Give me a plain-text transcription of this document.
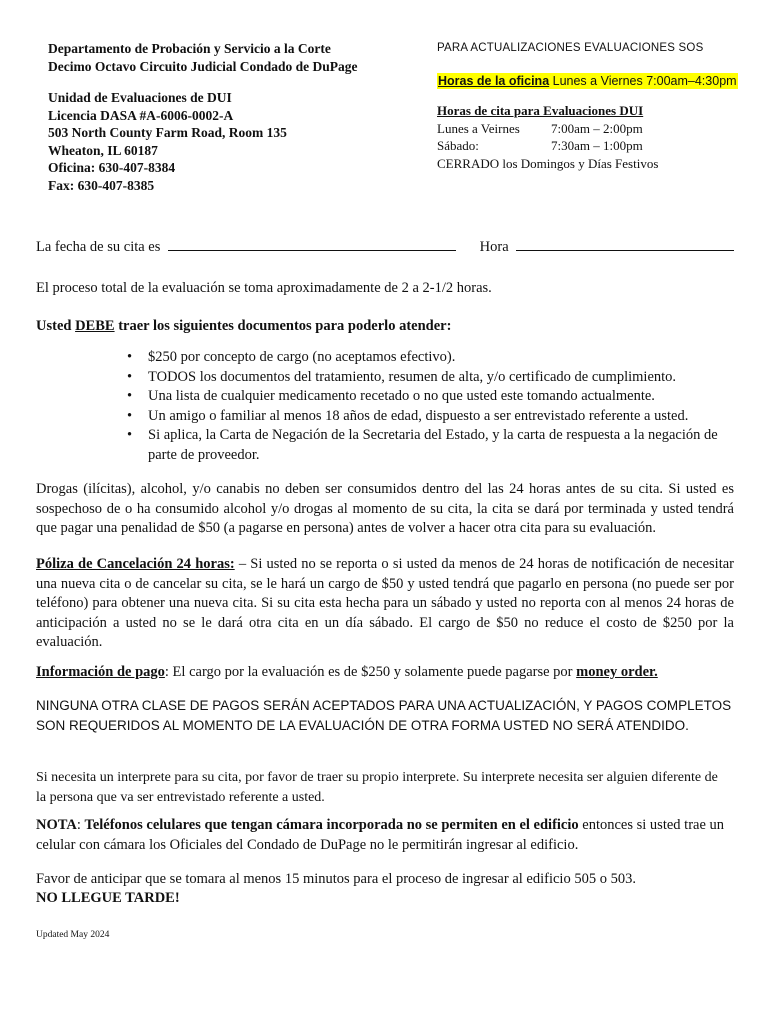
Departamento de Probación y Servicio a la Corte
Decimo Octavo Circuito Judicial Condado de DuPage
Unidad de Evaluaciones de DUI
Licencia DASA #A-6006-0002-A
503 North County Farm Road, Room 135
Wheaton, IL 60187
Oficina: 630-407-8384
Fax: 630-407-8385
PARA ACTUALIZACIONES EVALUACIONES SOS
Horas de la oficina Lunes a Viernes 7:00am–4:30pm
Horas de cita para Evaluaciones DUI
Lunes a Veirnes	7:00am – 2:00pm
Sábado:	7:30am – 1:00pm
CERRADO los Domingos y Días Festivos
La fecha de su cita es	Hora
El proceso total de la evaluación se toma aproximadamente de 2 a 2-1/2 horas.
Usted DEBE traer los siguientes documentos para poderlo atender:
• $250 por concepto de cargo (no aceptamos efectivo).
• TODOS los documentos del tratamiento, resumen de alta, y/o certificado de cumplimiento.
• Una lista de cualquier medicamento recetado o no que usted este tomando actualmente.
• Un amigo o familiar al menos 18 años de edad, dispuesto a ser entrevistado referente a usted.
• Si aplica, la Carta de Negación de la Secretaria del Estado, y la carta de respuesta a la negación de parte de proveedor.
Drogas (ilícitas), alcohol, y/o canabis no deben ser consumidos dentro del las 24 horas antes de su cita. Si usted es sospechoso de o ha consumido alcohol y/o drogas al momento de su cita, la cita se dará por terminada y usted tendrá que pagar una penalidad de $50 (a pagarse en persona) antes de volver a hacer otra cita para su evaluación.
Póliza de Cancelación 24 horas: – Si usted no se reporta o si usted da menos de 24 horas de notificación de necesitar una nueva cita o de cancelar su cita, se le hará un cargo de $50 y usted tendrá que pagarlo en persona (no puede ser por teléfono) para obtener una nueva cita. Si su cita esta hecha para un sábado y usted no reporta con al menos 24 horas de anticipación a usted no se le dará otra cita en un día sábado. El cargo de $50 no reduce el costo de $250 por la evaluación.
Información de pago: El cargo por la evaluación es de $250 y solamente puede pagarse por money order.
NINGUNA OTRA CLASE DE PAGOS SERÁN ACEPTADOS PARA UNA ACTUALIZACIÓN, Y PAGOS COMPLETOS SON REQUERIDOS AL MOMENTO DE LA EVALUACIÓN DE OTRA FORMA USTED NO SERÁ ATENDIDO.
Si necesita un interprete para su cita, por favor de traer su propio interprete. Su interprete necesita ser alguien diferente de la persona que va ser entrevistado referente a usted.
NOTA: Teléfonos celulares que tengan cámara incorporada no se permiten en el edificio entonces si usted trae un celular con cámara los Oficiales del Condado de DuPage no le permitirán ingresar al edificio.
Favor de anticipar que se tomara al menos 15 minutos para el proceso de ingresar al edificio 505 o 503.
NO LLEGUE TARDE!
Updated May 2024
